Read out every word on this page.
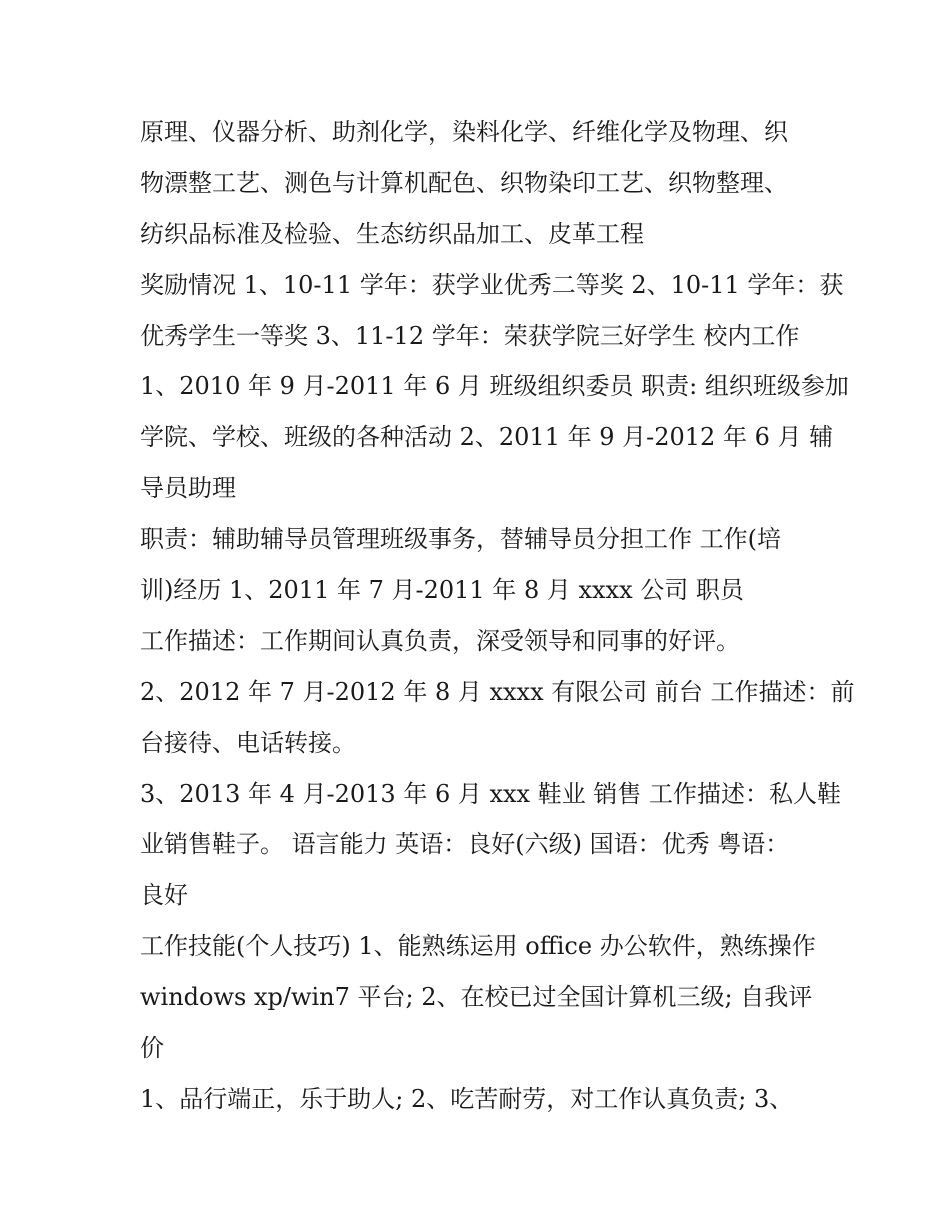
原理、仪器分析、助剂化学，染料化学、纤维化学及物理、织
物漂整工艺、测色与计算机配色、织物染印工艺、织物整理、
纺织品标准及检验、生态纺织品加工、皮革工程
奖励情况 1、10-11 学年：获学业优秀二等奖 2、10-11 学年：获
优秀学生一等奖 3、11-12 学年：荣获学院三好学生 校内工作
1、2010 年 9 月-2011 年 6 月 班级组织委员 职责: 组织班级参加
学院、学校、班级的各种活动 2、2011 年 9 月-2012 年 6 月 辅
导员助理
职责：辅助辅导员管理班级事务，替辅导员分担工作 工作(培
训)经历 1、2011 年 7 月-2011 年 8 月 xxxx 公司 职员
工作描述：工作期间认真负责，深受领导和同事的好评。
2、2012 年 7 月-2012 年 8 月 xxxx 有限公司 前台 工作描述：前
台接待、电话转接。
3、2013 年 4 月-2013 年 6 月 xxx 鞋业 销售 工作描述：私人鞋
业销售鞋子。 语言能力 英语：良好(六级) 国语：优秀 粤语：
良好
工作技能(个人技巧) 1、能熟练运用 office 办公软件，熟练操作
windows xp/win7 平台; 2、在校已过全国计算机三级; 自我评
价
1、品行端正，乐于助人; 2、吃苦耐劳，对工作认真负责; 3、
